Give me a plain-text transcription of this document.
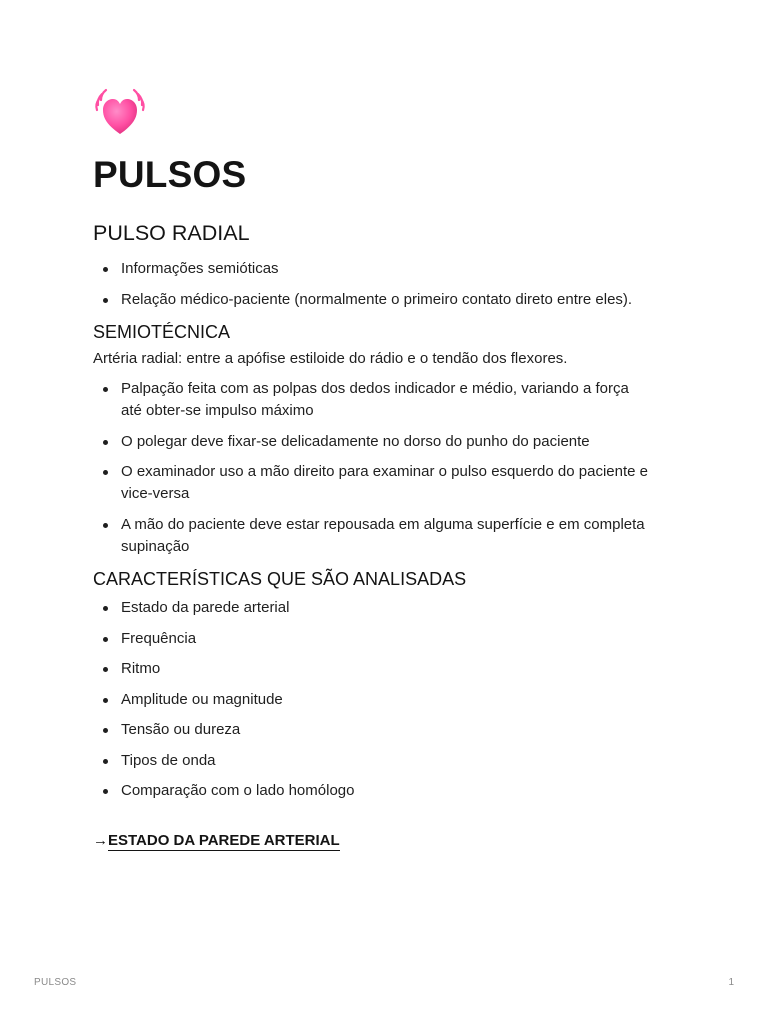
PULSOS
PULSO RADIAL
Informações semióticas
Relação médico-paciente (normalmente o primeiro contato direto entre eles).
SEMIOTÉCNICA

Artéria radial: entre a apófise estiloide do rádio e o tendão dos flexores.

Palpação feita com as polpas dos dedos indicador e médio, variando a força até obter-se impulso máximo
O polegar deve fixar-se delicadamente no dorso do punho do paciente
O examinador uso a mão direito para examinar o pulso esquerdo do paciente e vice-versa
A mão do paciente deve estar repousada em alguma superfície e em completa supinação
CARACTERÍSTICAS QUE SÃO ANALISADAS
Estado da parede arterial
Frequência
Ritmo
Amplitude ou magnitude
Tensão ou dureza
Tipos de onda
Comparação com o lado homólogo
→ESTADO DA PAREDE ARTERIAL
PULSOS	1
